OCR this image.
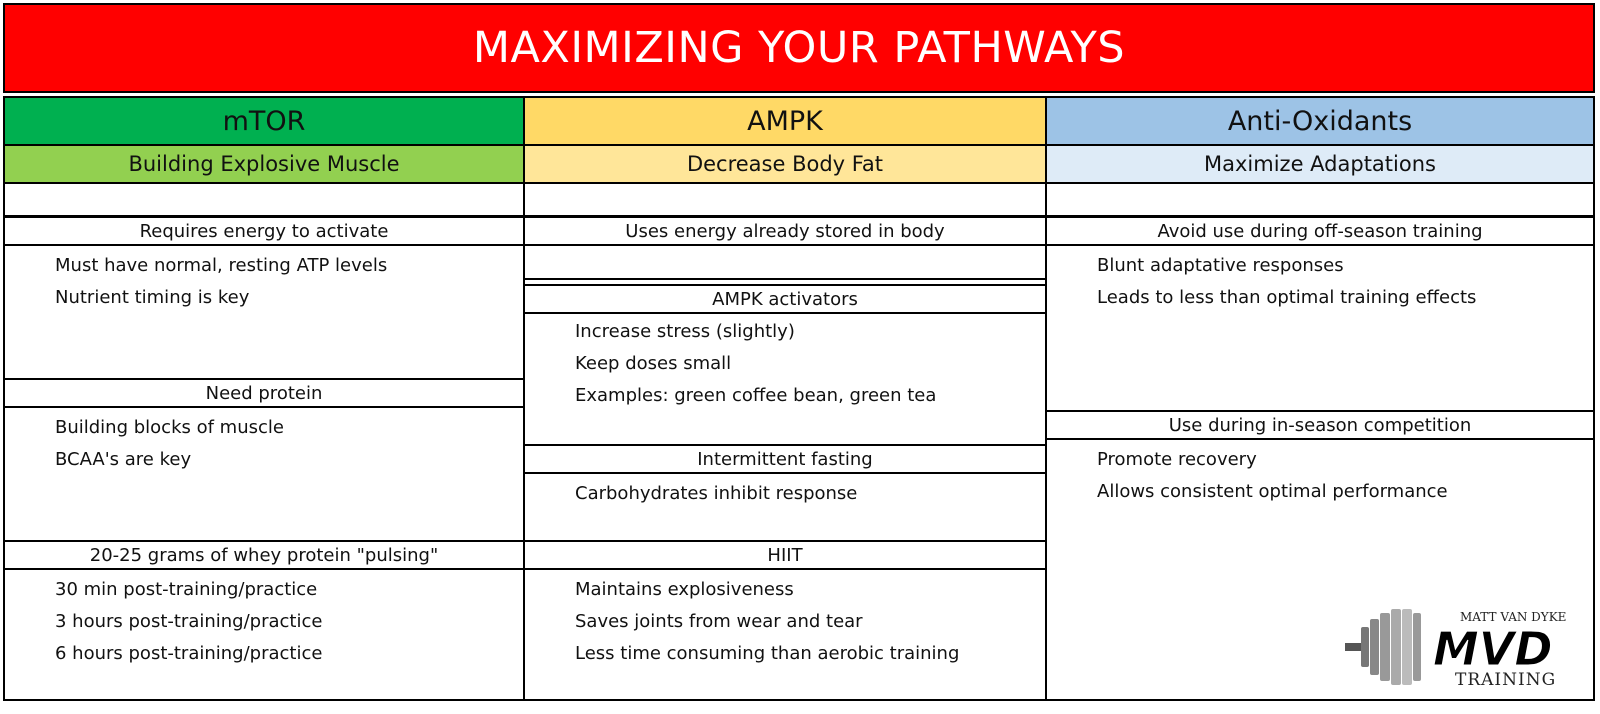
MAXIMIZING YOUR PATHWAYS
mTOR
Building Explosive Muscle
Requires energy to activate
Must have normal, resting ATP levels
Nutrient timing is key
Need protein
Building blocks of muscle
BCAA's are key
20-25 grams of whey protein "pulsing"
30 min post-training/practice
3 hours post-training/practice
6 hours post-training/practice
AMPK
Decrease Body Fat
Uses energy already stored in body
AMPK activators
Increase stress (slightly)
Keep doses small
Examples: green coffee bean, green tea
Intermittent fasting
Carbohydrates inhibit response
HIIT
Maintains explosiveness
Saves joints from wear and tear
Less time consuming than aerobic training
Anti-Oxidants
Maximize Adaptations
Avoid use during off-season training
Blunt adaptative responses
Leads to less than optimal training effects
Use during in-season competition
Promote recovery
Allows consistent optimal performance
MATT VAN DYKE
MVD
TRAINING
